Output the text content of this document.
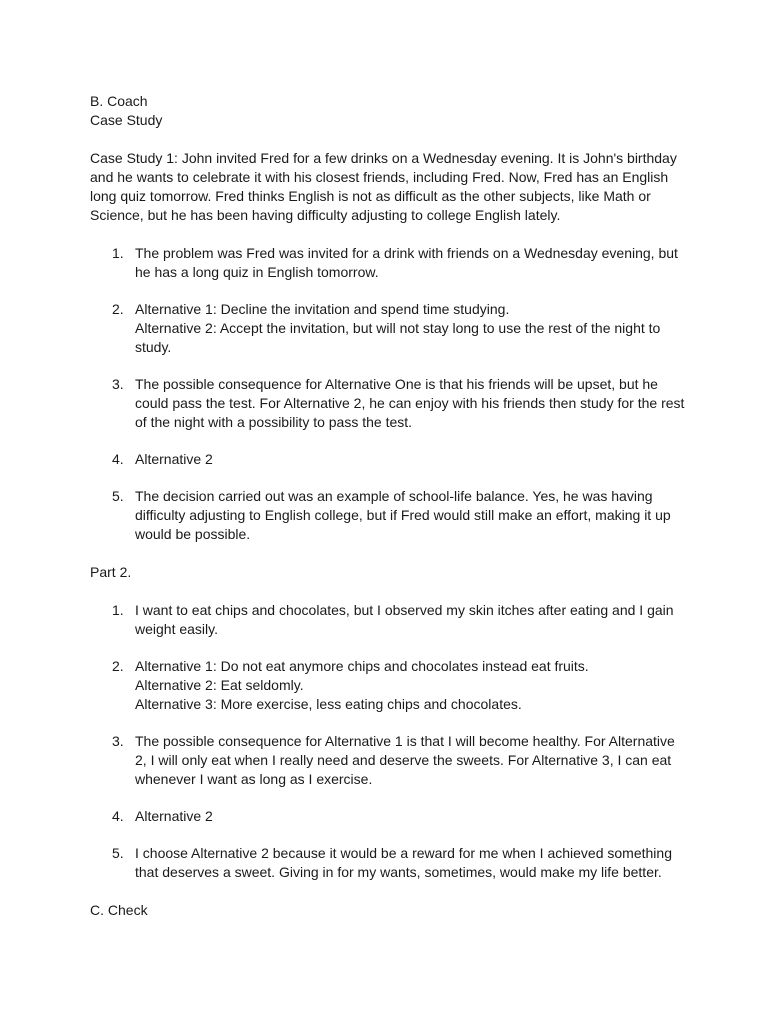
B. Coach

Case Study

Case Study 1: John invited Fred for a few drinks on a Wednesday evening. It is John's birthday and he wants to celebrate it with his closest friends, including Fred. Now, Fred has an English long quiz tomorrow. Fred thinks English is not as difficult as the other subjects, like Math or Science, but he has been having difficulty adjusting to college English lately.

1. The problem was Fred was invited for a drink with friends on a Wednesday evening, but he has a long quiz in English tomorrow.
2. Alternative 1: Decline the invitation and spend time studying.
Alternative 2: Accept the invitation, but will not stay long to use the rest of the night to study.
3. The possible consequence for Alternative One is that his friends will be upset, but he could pass the test. For Alternative 2, he can enjoy with his friends then study for the rest of the night with a possibility to pass the test.
4. Alternative 2
5. The decision carried out was an example of school-life balance. Yes, he was having difficulty adjusting to English college, but if Fred would still make an effort, making it up would be possible.

Part 2.

1. I want to eat chips and chocolates, but I observed my skin itches after eating and I gain weight easily.
2. Alternative 1: Do not eat anymore chips and chocolates instead eat fruits.
Alternative 2: Eat seldomly.
Alternative 3: More exercise, less eating chips and chocolates.
3. The possible consequence for Alternative 1 is that I will become healthy. For Alternative 2, I will only eat when I really need and deserve the sweets. For Alternative 3, I can eat whenever I want as long as I exercise.
4. Alternative 2
5. I choose Alternative 2 because it would be a reward for me when I achieved something that deserves a sweet. Giving in for my wants, sometimes, would make my life better.

C. Check
